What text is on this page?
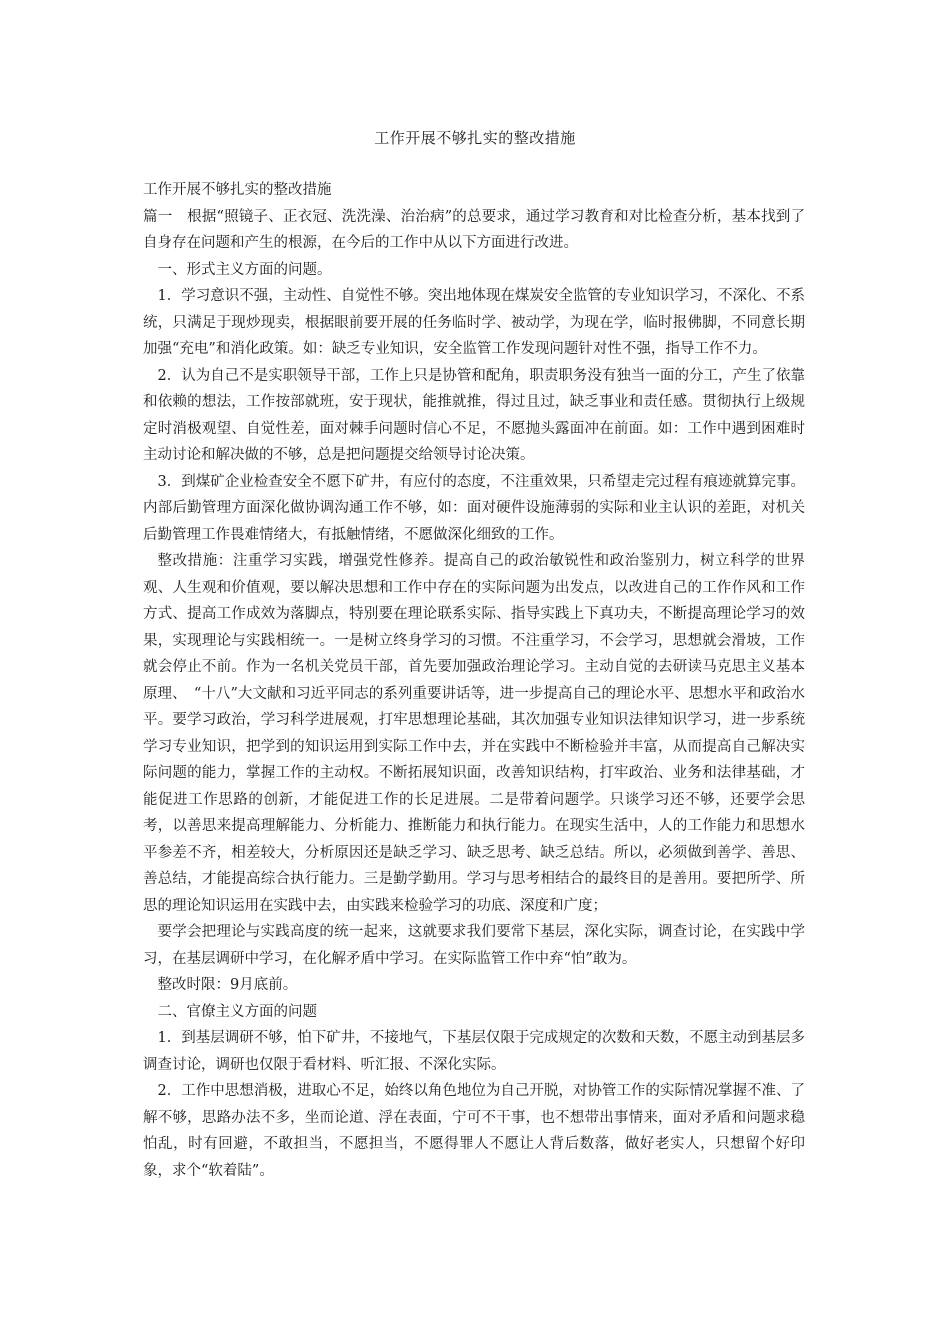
工作开展不够扎实的整改措施

工作开展不够扎实的整改措施

篇一　根据“照镜子、正衣冠、洗洗澡、治治病”的总要求，通过学习教育和对比检查分析，基本找到了自身存在问题和产生的根源，在今后的工作中从以下方面进行改进。

一、形式主义方面的问题。

1．学习意识不强，主动性、自觉性不够。突出地体现在煤炭安全监管的专业知识学习，不深化、不系统，只满足于现炒现卖，根据眼前要开展的任务临时学、被动学，为现在学，临时报佛脚，不同意长期加强“充电”和消化政策。如：缺乏专业知识，安全监管工作发现问题针对性不强，指导工作不力。

2．认为自己不是实职领导干部，工作上只是协管和配角，职责职务没有独当一面的分工，产生了依靠和依赖的想法，工作按部就班，安于现状，能推就推，得过且过，缺乏事业和责任感。贯彻执行上级规定时消极观望、自觉性差，面对棘手问题时信心不足，不愿抛头露面冲在前面。如：工作中遇到困难时主动讨论和解决做的不够，总是把问题提交给领导讨论决策。

3．到煤矿企业检查安全不愿下矿井，有应付的态度，不注重效果，只希望走完过程有痕迹就算完事。内部后勤管理方面深化做协调沟通工作不够，如：面对硬件设施薄弱的实际和业主认识的差距，对机关后勤管理工作畏难情绪大，有抵触情绪，不愿做深化细致的工作。

整改措施：注重学习实践，增强党性修养。提高自己的政治敏锐性和政治鉴别力，树立科学的世界观、人生观和价值观，要以解决思想和工作中存在的实际问题为出发点，以改进自己的工作作风和工作方式、提高工作成效为落脚点，特别要在理论联系实际、指导实践上下真功夫，不断提高理论学习的效果，实现理论与实践相统一。一是树立终身学习的习惯。不注重学习，不会学习，思想就会滑坡，工作就会停止不前。作为一名机关党员干部，首先要加强政治理论学习。主动自觉的去研读马克思主义基本原理、　“十八”大文献和习近平同志的系列重要讲话等，进一步提高自己的理论水平、思想水平和政治水平。要学习政治，学习科学进展观，打牢思想理论基础，其次加强专业知识法律知识学习，进一步系统学习专业知识，把学到的知识运用到实际工作中去，并在实践中不断检验并丰富，从而提高自己解决实际问题的能力，掌握工作的主动权。不断拓展知识面，改善知识结构，打牢政治、业务和法律基础，才能促进工作思路的创新，才能促进工作的长足进展。二是带着问题学。只谈学习还不够，还要学会思考，以善思来提高理解能力、分析能力、推断能力和执行能力。在现实生活中，人的工作能力和思想水平参差不齐，相差较大，分析原因还是缺乏学习、缺乏思考、缺乏总结。所以，必须做到善学、善思、善总结，才能提高综合执行能力。三是勤学勤用。学习与思考相结合的最终目的是善用。要把所学、所思的理论知识运用在实践中去，由实践来检验学习的功底、深度和广度；

要学会把理论与实践高度的统一起来，这就要求我们要常下基层，深化实际，调查讨论，在实践中学习，在基层调研中学习，在化解矛盾中学习。在实际监管工作中弃“怕”敢为。

整改时限：9月底前。

二、官僚主义方面的问题

1．到基层调研不够，怕下矿井，不接地气，下基层仅限于完成规定的次数和天数，不愿主动到基层多调查讨论，调研也仅限于看材料、听汇报、不深化实际。

2．工作中思想消极，进取心不足，始终以角色地位为自己开脱，对协管工作的实际情况掌握不准、了解不够，思路办法不多，坐而论道、浮在表面，宁可不干事，也不想带出事情来，面对矛盾和问题求稳怕乱，时有回避，不敢担当，不愿担当，不愿得罪人不愿让人背后数落，做好老实人，只想留个好印象，求个“软着陆”。
